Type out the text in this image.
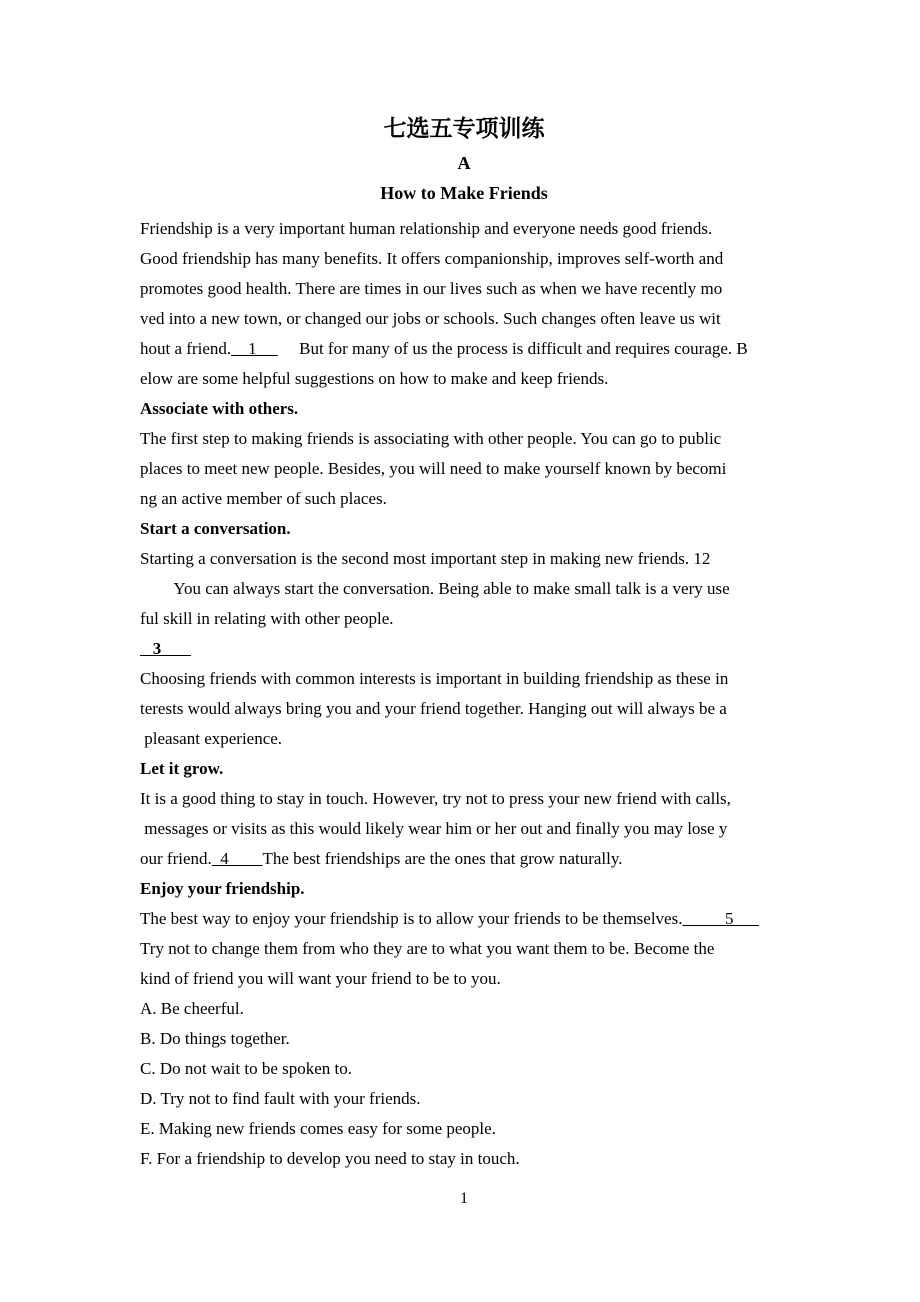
七选五专项训练
A
How to Make Friends
Friendship is a very important human relationship and everyone needs good friends.
Good friendship has many benefits. It offers companionship, improves self-worth and
promotes good health. There are times in our lives such as when we have recently mo
ved into a new town, or changed our jobs or schools. Such changes often leave us wit
hout a friend.    1          But for many of us the process is difficult and requires courage. B
elow are some helpful suggestions on how to make and keep friends.
Associate with others.
The first step to making friends is associating with other people. You can go to public
places to meet new people. Besides, you will need to make yourself known by becomi
ng an active member of such places.
Start a conversation.
Starting a conversation is the second most important step in making new friends. 12
You can always start the conversation. Being able to make small talk is a very use
ful skill in relating with other people.
3
Choosing friends with common interests is important in building friendship as these in
terests would always bring you and your friend together. Hanging out will always be a
pleasant experience.
Let it grow.
It is a good thing to stay in touch. However, try not to press your new friend with calls,
messages or visits as this would likely wear him or her out and finally you may lose y
our friend.  4        The best friendships are the ones that grow naturally.
Enjoy your friendship.
The best way to enjoy your friendship is to allow your friends to be themselves.          5
Try not to change them from who they are to what you want them to be. Become the
kind of friend you will want your friend to be to you.
A. Be cheerful.
B. Do things together.
C. Do not wait to be spoken to.
D. Try not to find fault with your friends.
E. Making new friends comes easy for some people.
F. For a friendship to develop you need to stay in touch.
1
